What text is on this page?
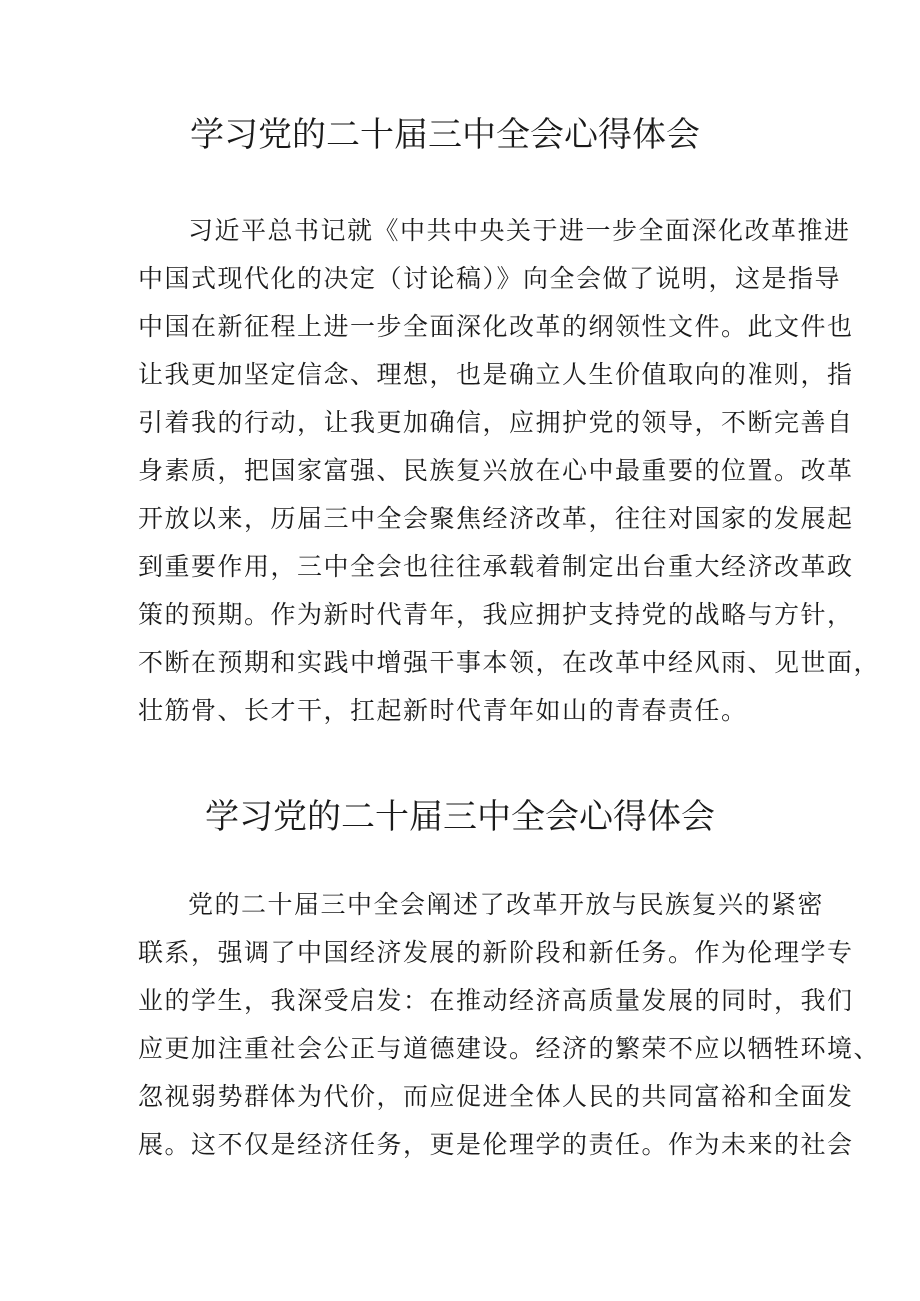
学习党的二十届三中全会心得体会
习近平总书记就《中共中央关于进一步全面深化改革推进
中国式现代化的决定（讨论稿）》向全会做了说明，这是指导
中国在新征程上进一步全面深化改革的纲领性文件。此文件也
让我更加坚定信念、理想，也是确立人生价值取向的准则，指
引着我的行动，让我更加确信，应拥护党的领导，不断完善自
身素质，把国家富强、民族复兴放在心中最重要的位置。改革
开放以来，历届三中全会聚焦经济改革，往往对国家的发展起
到重要作用，三中全会也往往承载着制定出台重大经济改革政
策的预期。作为新时代青年，我应拥护支持党的战略与方针，
不断在预期和实践中增强干事本领，在改革中经风雨、见世面，
壮筋骨、长才干，扛起新时代青年如山的青春责任。
学习党的二十届三中全会心得体会
党的二十届三中全会阐述了改革开放与民族复兴的紧密
联系，强调了中国经济发展的新阶段和新任务。作为伦理学专
业的学生，我深受启发：在推动经济高质量发展的同时，我们
应更加注重社会公正与道德建设。经济的繁荣不应以牺牲环境、
忽视弱势群体为代价，而应促进全体人民的共同富裕和全面发
展。这不仅是经济任务，更是伦理学的责任。作为未来的社会
